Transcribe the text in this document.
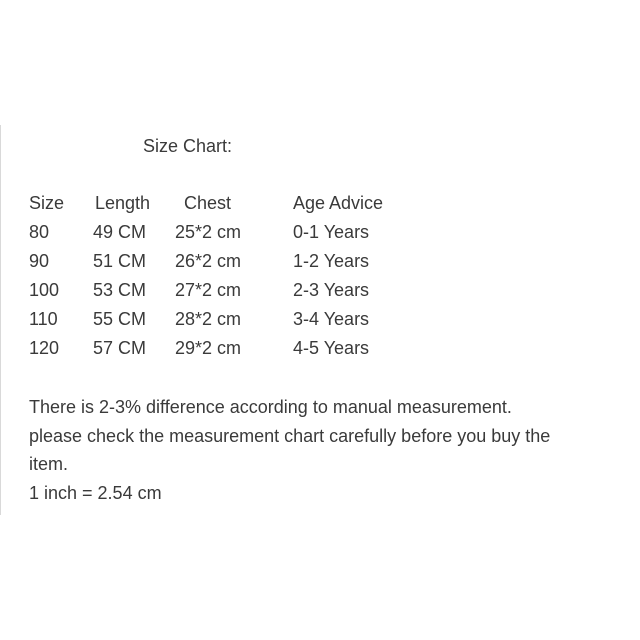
Size Chart:
Size Length Chest	Age Advice
80 49 CM 25*2 cm	0-1 Years
90 51 CM 26*2 cm	1-2 Years
100 53 CM 27*2 cm	2-3 Years
110 55 CM 28*2 cm	3-4 Years
120 57 CM 29*2 cm	4-5 Years
There is 2-3% difference according to manual measurement.
please check the measurement chart carefully before you buy the
item.
1 inch = 2.54 cm
